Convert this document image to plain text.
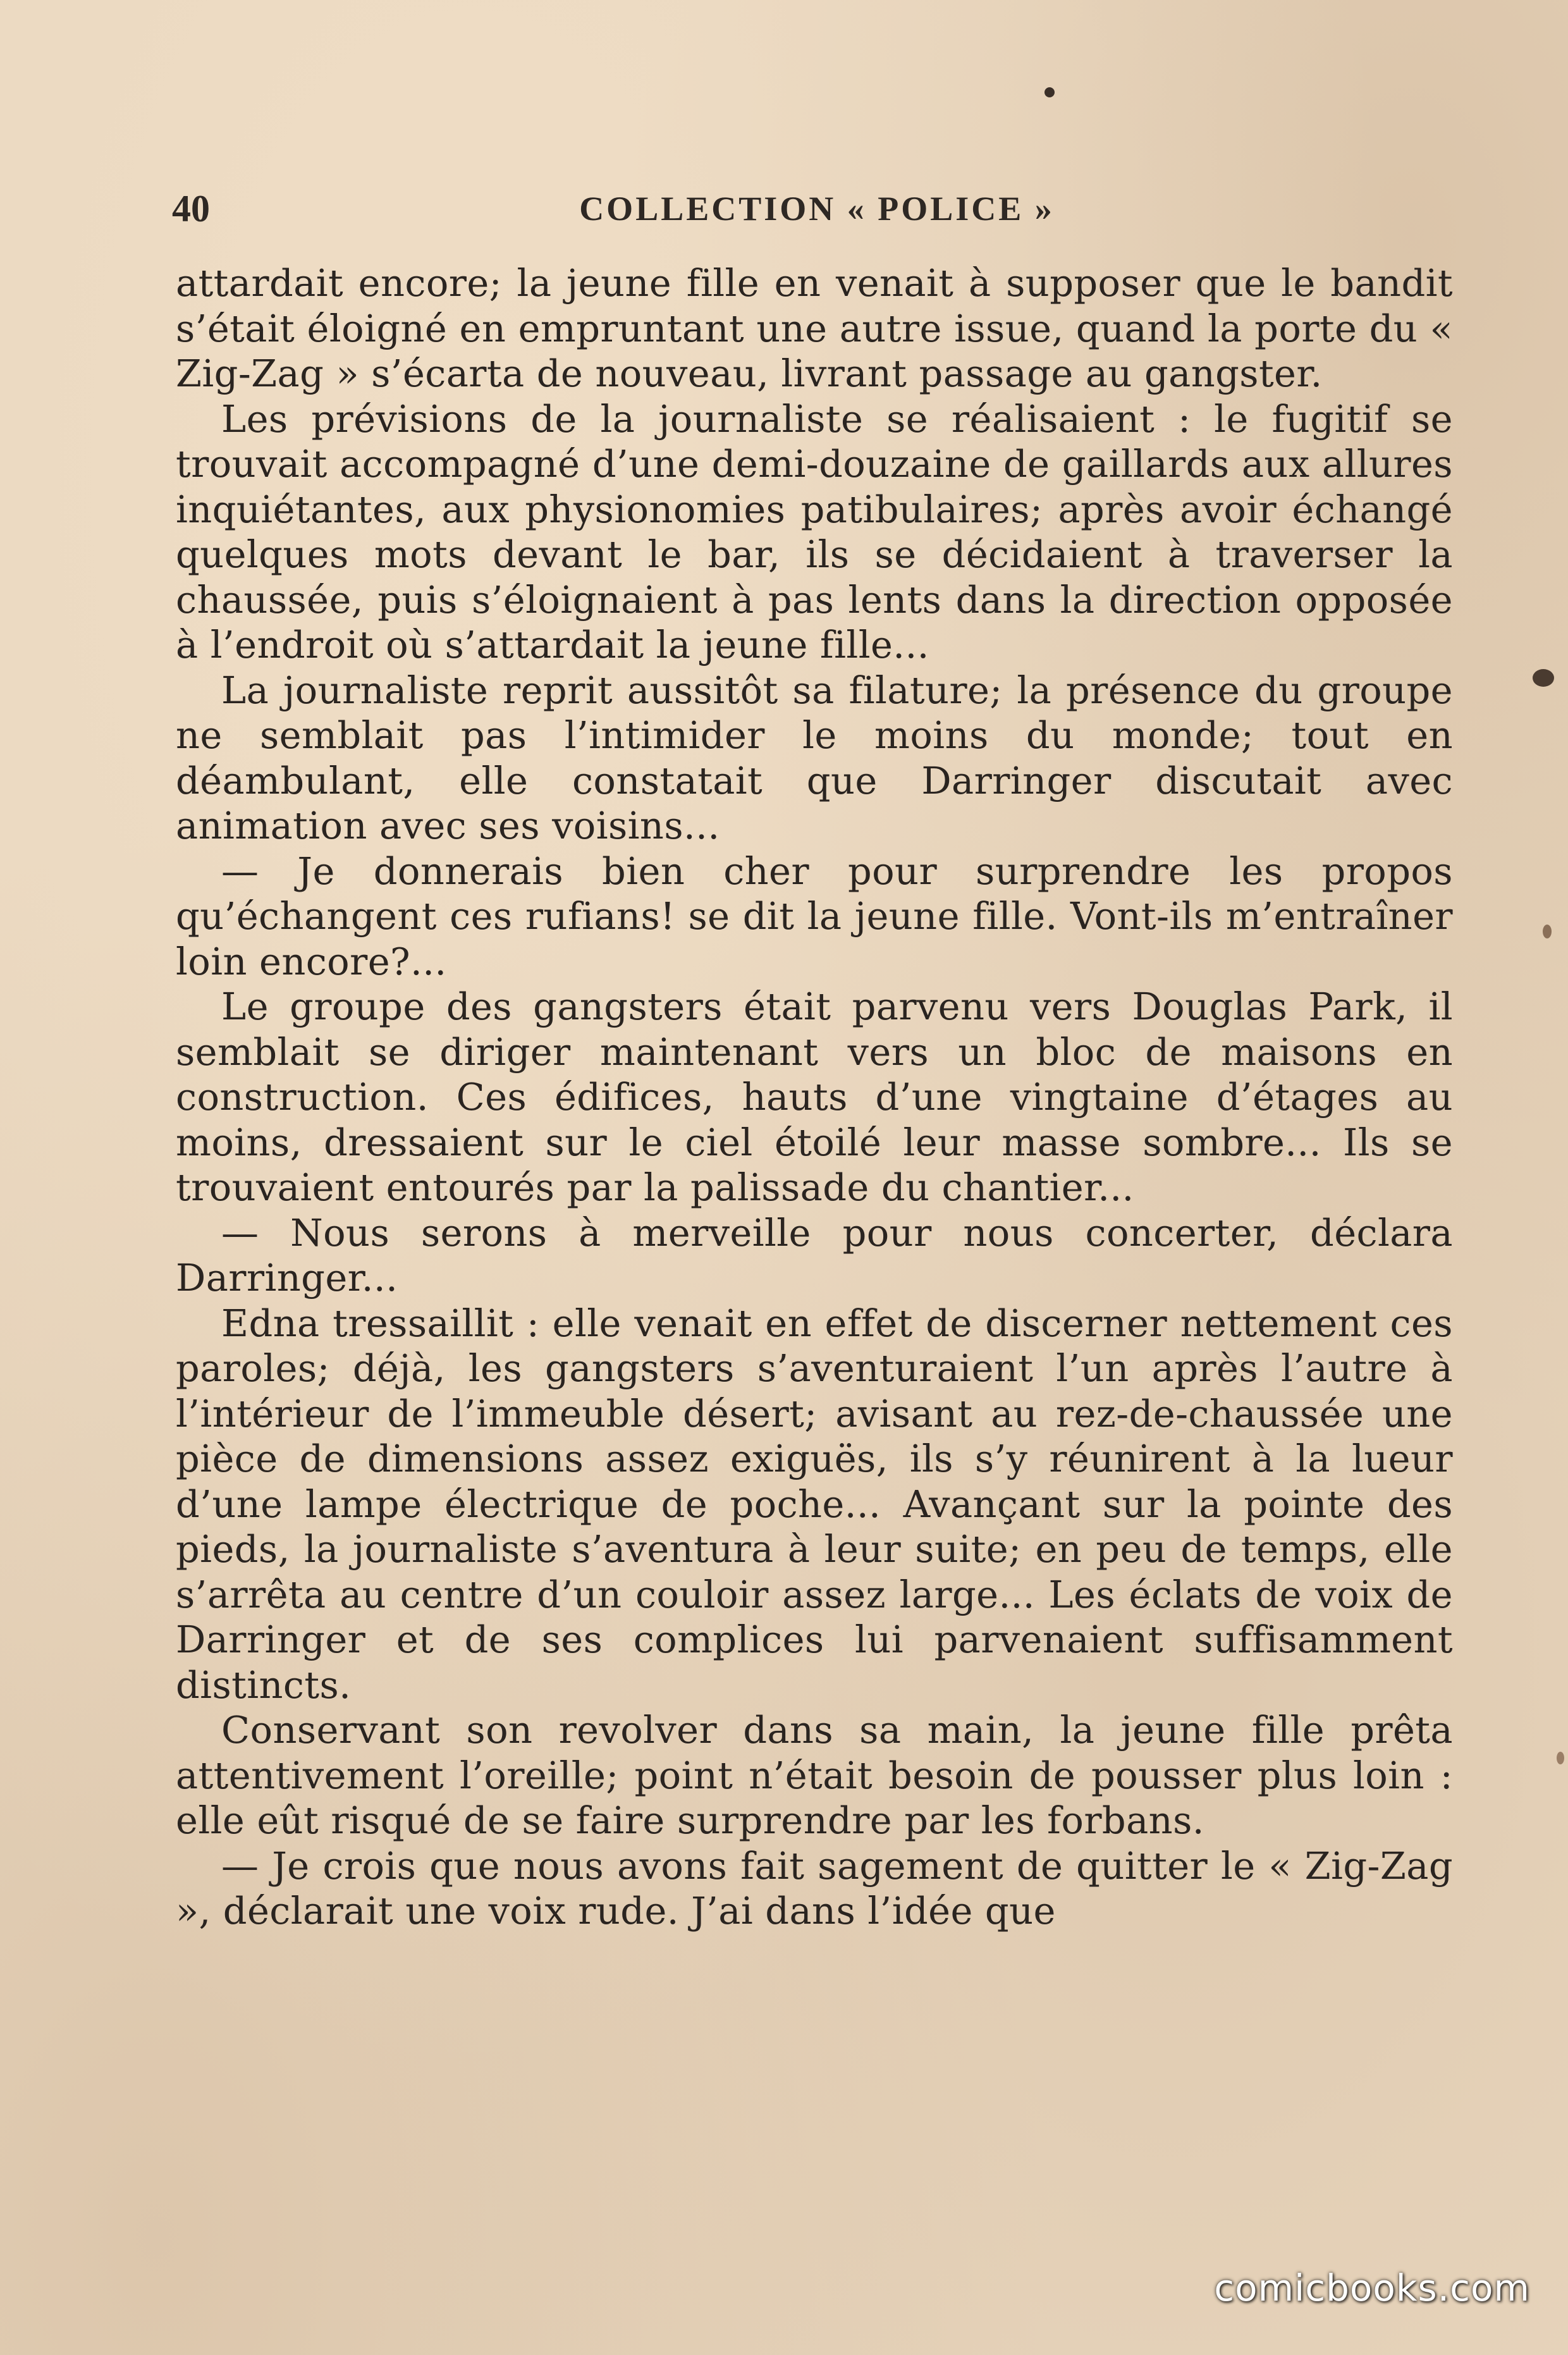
40	COLLECTION « POLICE »

attardait encore; la jeune fille en venait à supposer que le bandit s’était éloigné en empruntant une autre issue, quand la porte du « Zig-Zag » s’écarta de nouveau, livrant passage au gangster.

Les prévisions de la journaliste se réalisaient : le fugitif se trouvait accompagné d’une demi-douzaine de gaillards aux allures inquiétantes, aux physionomies patibulaires; après avoir échangé quelques mots devant le bar, ils se décidaient à traverser la chaussée, puis s’éloignaient à pas lents dans la direction opposée à l’endroit où s’attardait la jeune fille...

La journaliste reprit aussitôt sa filature; la présence du groupe ne semblait pas l’intimider le moins du monde; tout en déambulant, elle constatait que Darringer discutait avec animation avec ses voisins...

— Je donnerais bien cher pour surprendre les propos qu’échangent ces rufians! se dit la jeune fille. Vont-ils m’entraîner loin encore?...

Le groupe des gangsters était parvenu vers Douglas Park, il semblait se diriger maintenant vers un bloc de maisons en construction. Ces édifices, hauts d’une vingtaine d’étages au moins, dressaient sur le ciel étoilé leur masse sombre... Ils se trouvaient entourés par la palissade du chantier...

— Nous serons à merveille pour nous concerter, déclara Darringer...

Edna tressaillit : elle venait en effet de discerner nettement ces paroles; déjà, les gangsters s’aventuraient l’un après l’autre à l’intérieur de l’immeuble désert; avisant au rez-de-chaussée une pièce de dimensions assez exiguës, ils s’y réunirent à la lueur d’une lampe électrique de poche... Avançant sur la pointe des pieds, la journaliste s’aventura à leur suite; en peu de temps, elle s’arrêta au centre d’un couloir assez large... Les éclats de voix de Darringer et de ses complices lui parvenaient suffisamment distincts.

Conservant son revolver dans sa main, la jeune fille prêta attentivement l’oreille; point n’était besoin de pousser plus loin : elle eût risqué de se faire surprendre par les forbans.

— Je crois que nous avons fait sagement de quitter le « Zig-Zag », déclarait une voix rude. J’ai dans l’idée que

comicbooks.com
